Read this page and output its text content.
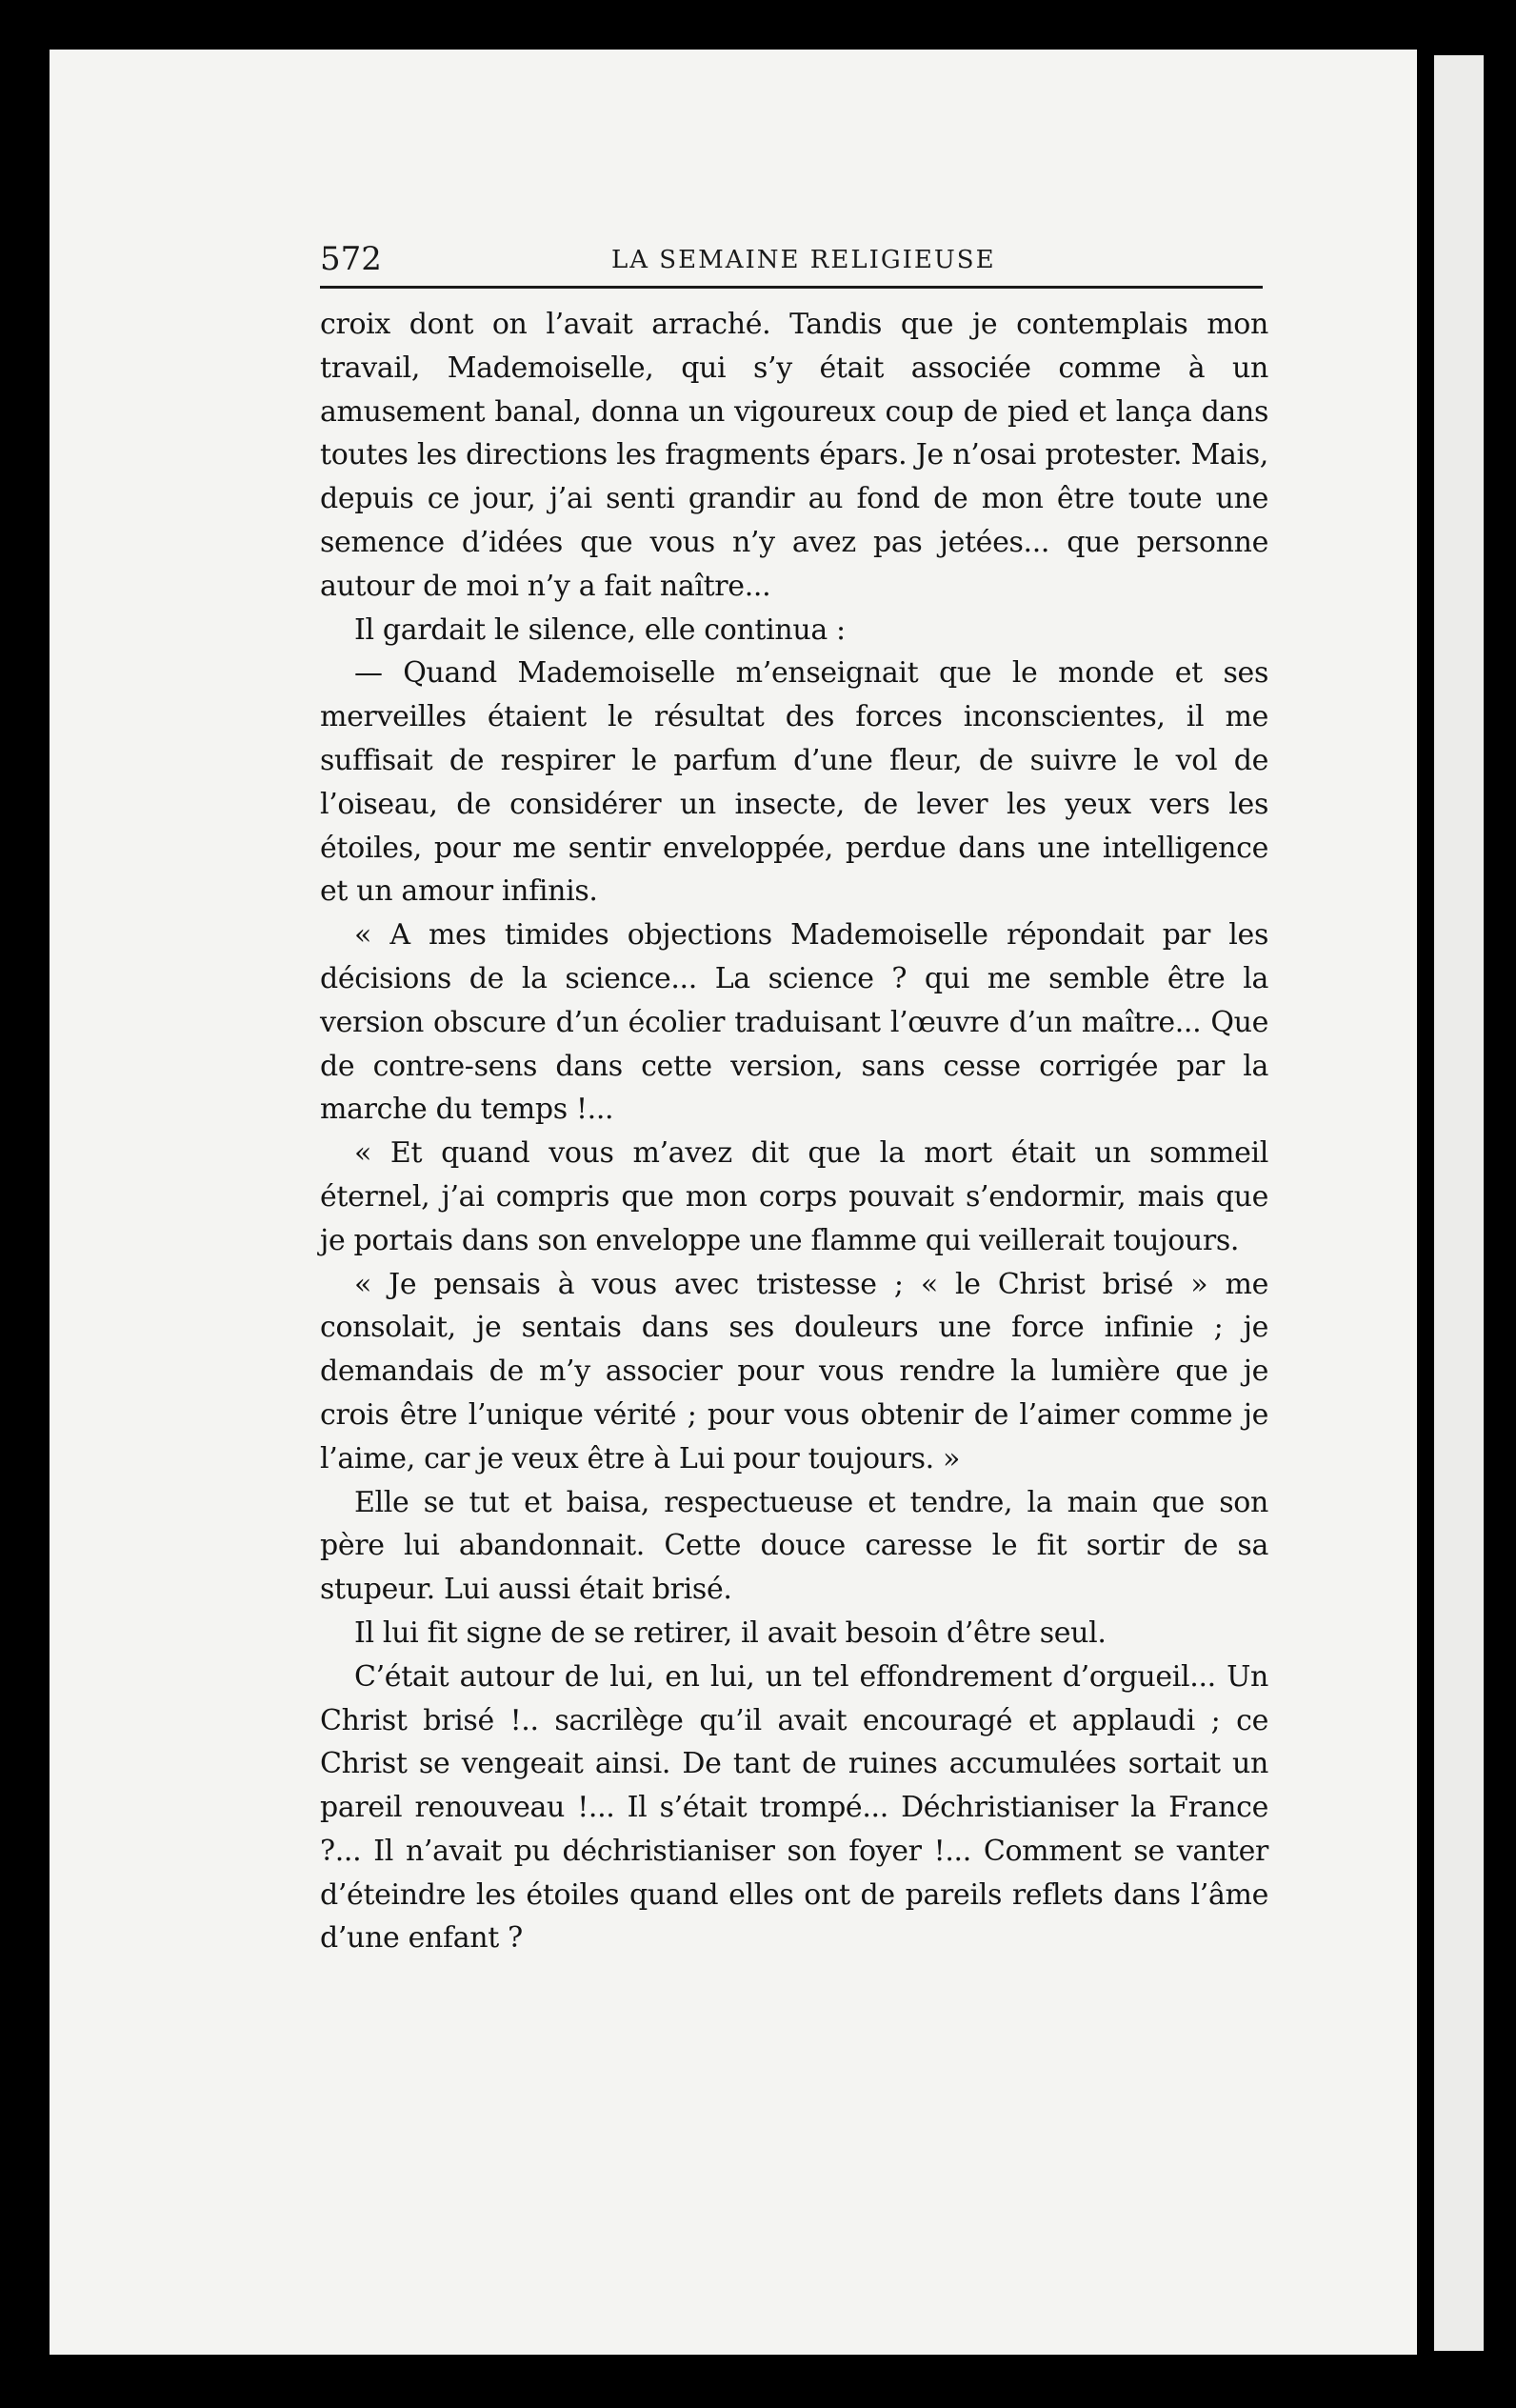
572	LA SEMAINE RELIGIEUSE

croix dont on l’avait arraché. Tandis que je contemplais mon travail, Mademoiselle, qui s’y était associée comme à un amusement banal, donna un vigoureux coup de pied et lança dans toutes les directions les fragments épars. Je n’osai protester. Mais, depuis ce jour, j’ai senti grandir au fond de mon être toute une semence d’idées que vous n’y avez pas jetées... que personne autour de moi n’y a fait naître...

Il gardait le silence, elle continua :

— Quand Mademoiselle m’enseignait que le monde et ses merveilles étaient le résultat des forces inconscientes, il me suffisait de respirer le parfum d’une fleur, de suivre le vol de l’oiseau, de considérer un insecte, de lever les yeux vers les étoiles, pour me sentir enveloppée, perdue dans une intelligence et un amour infinis.

« A mes timides objections Mademoiselle répondait par les décisions de la science... La science ? qui me semble être la version obscure d’un écolier traduisant l’œuvre d’un maître... Que de contre-sens dans cette version, sans cesse corrigée par la marche du temps !...

« Et quand vous m’avez dit que la mort était un sommeil éternel, j’ai compris que mon corps pouvait s’endormir, mais que je portais dans son enveloppe une flamme qui veillerait toujours.

« Je pensais à vous avec tristesse ; « le Christ brisé » me consolait, je sentais dans ses douleurs une force infinie ; je demandais de m’y associer pour vous rendre la lumière que je crois être l’unique vérité ; pour vous obtenir de l’aimer comme je l’aime, car je veux être à Lui pour toujours. »

Elle se tut et baisa, respectueuse et tendre, la main que son père lui abandonnait. Cette douce caresse le fit sortir de sa stupeur. Lui aussi était brisé.

Il lui fit signe de se retirer, il avait besoin d’être seul.

C’était autour de lui, en lui, un tel effondrement d’orgueil... Un Christ brisé !.. sacrilège qu’il avait encouragé et applaudi ; ce Christ se vengeait ainsi. De tant de ruines accumulées sortait un pareil renouveau !... Il s’était trompé... Déchristianiser la France ?... Il n’avait pu déchristianiser son foyer !... Comment se vanter d’éteindre les étoiles quand elles ont de pareils reflets dans l’âme d’une enfant ?
